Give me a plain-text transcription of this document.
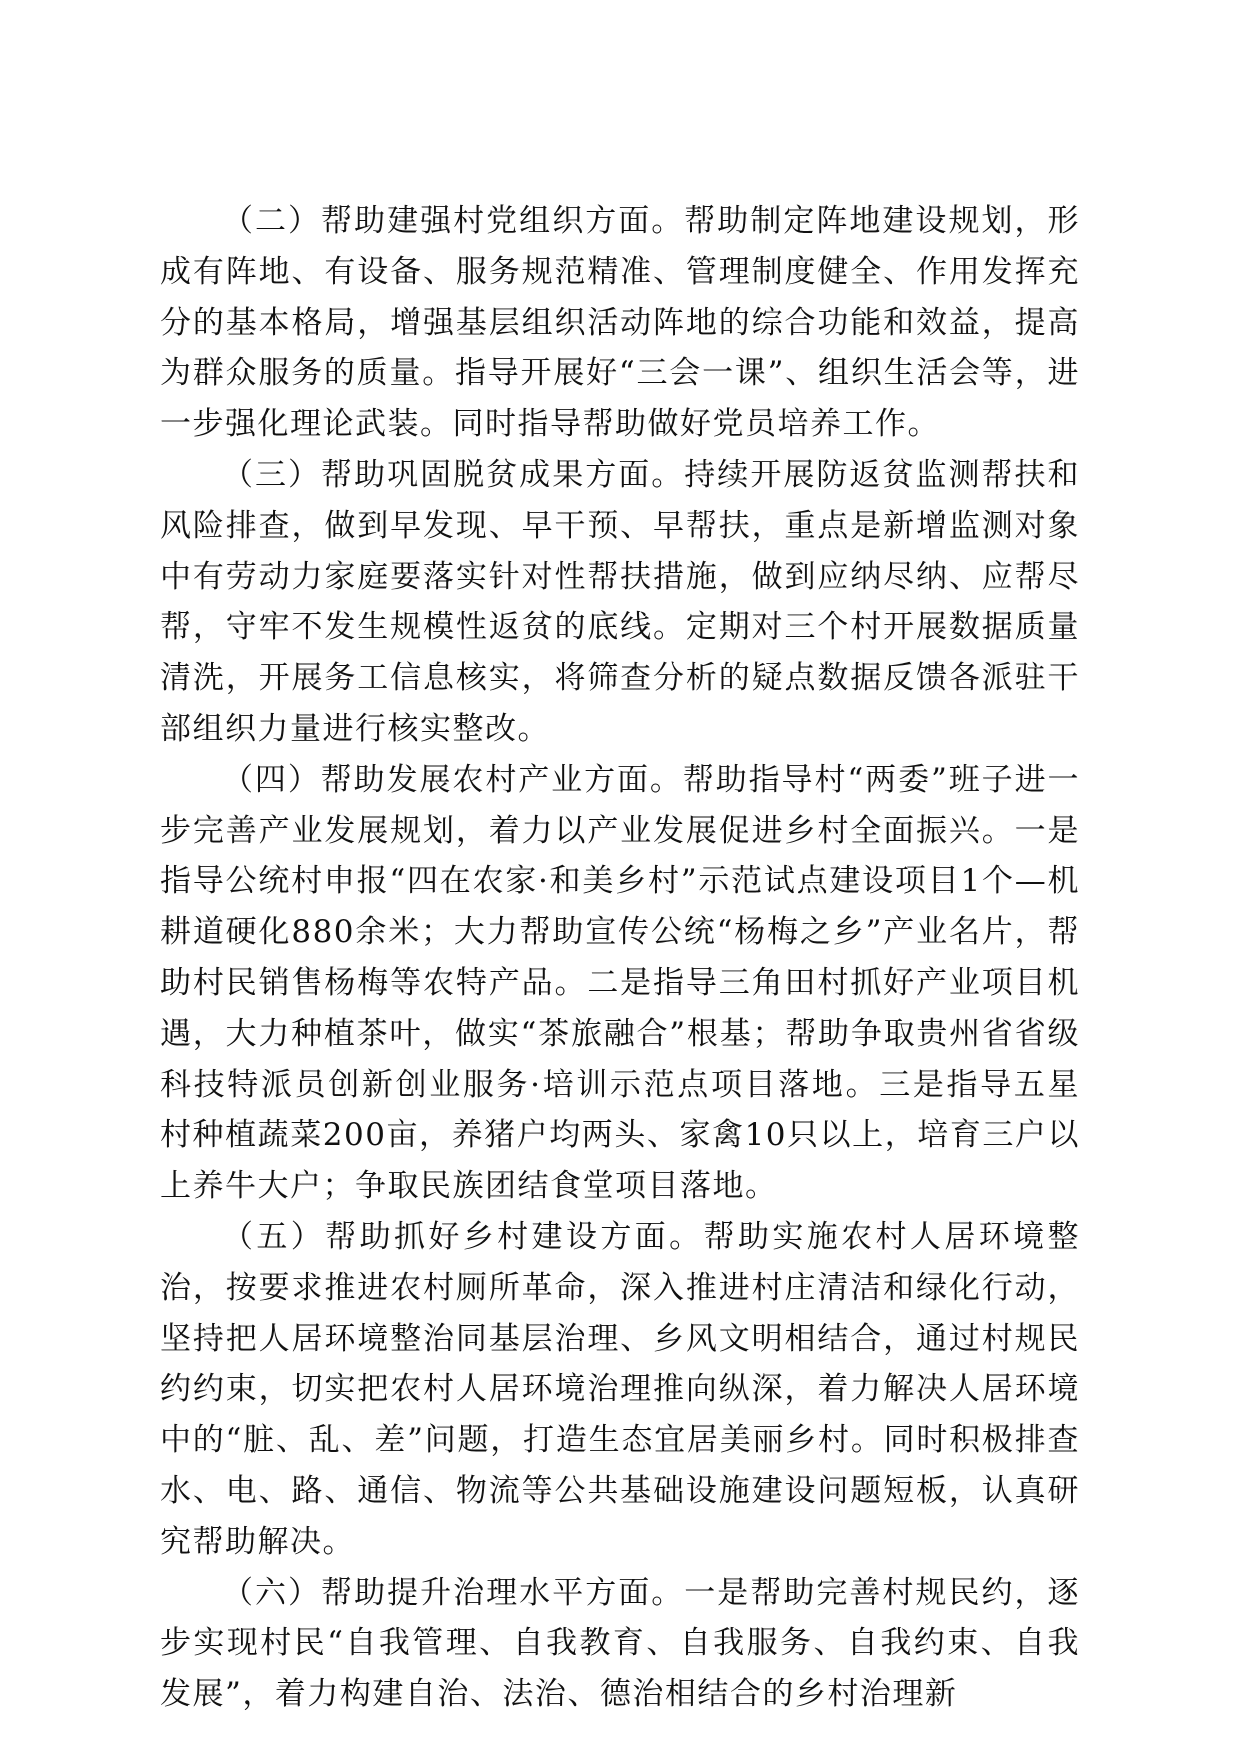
（二）帮助建强村党组织方面。帮助制定阵地建设规划，形成有阵地、有设备、服务规范精准、管理制度健全、作用发挥充分的基本格局，增强基层组织活动阵地的综合功能和效益，提高为群众服务的质量。指导开展好“三会一课”、组织生活会等，进一步强化理论武装。同时指导帮助做好党员培养工作。

（三）帮助巩固脱贫成果方面。持续开展防返贫监测帮扶和风险排查，做到早发现、早干预、早帮扶，重点是新增监测对象中有劳动力家庭要落实针对性帮扶措施，做到应纳尽纳、应帮尽帮，守牢不发生规模性返贫的底线。定期对三个村开展数据质量清洗，开展务工信息核实，将筛查分析的疑点数据反馈各派驻干部组织力量进行核实整改。

（四）帮助发展农村产业方面。帮助指导村“两委”班子进一步完善产业发展规划，着力以产业发展促进乡村全面振兴。一是指导公统村申报“四在农家·和美乡村”示范试点建设项目1个—机耕道硬化880余米；大力帮助宣传公统“杨梅之乡”产业名片，帮助村民销售杨梅等农特产品。二是指导三角田村抓好产业项目机遇，大力种植茶叶，做实“茶旅融合”根基；帮助争取贵州省省级科技特派员创新创业服务·培训示范点项目落地。三是指导五星村种植蔬菜200亩，养猪户均两头、家禽10只以上，培育三户以上养牛大户；争取民族团结食堂项目落地。

（五）帮助抓好乡村建设方面。帮助实施农村人居环境整治，按要求推进农村厕所革命，深入推进村庄清洁和绿化行动，坚持把人居环境整治同基层治理、乡风文明相结合，通过村规民约约束，切实把农村人居环境治理推向纵深，着力解决人居环境中的“脏、乱、差”问题，打造生态宜居美丽乡村。同时积极排查水、电、路、通信、物流等公共基础设施建设问题短板，认真研究帮助解决。

（六）帮助提升治理水平方面。一是帮助完善村规民约，逐步实现村民“自我管理、自我教育、自我服务、自我约束、自我发展”，着力构建自治、法治、德治相结合的乡村治理新
